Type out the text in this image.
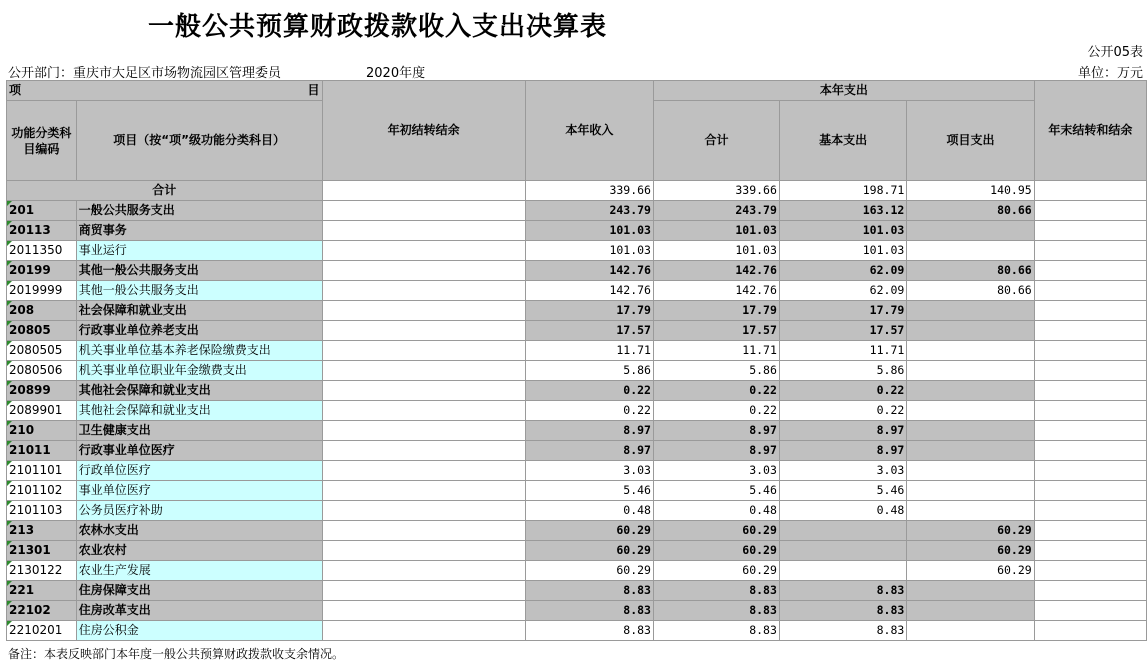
一般公共预算财政拨款收入支出决算表
公开05表
公开部门：重庆市大足区市场物流园区管理委员	2020年度	单位：万元
项 目		年初结转结余	本年收入	本年支出			年末结转和结余
功能分类科目编码	项目（按“项”级功能分类科目）			合计	基本支出	项目支出	

合计			339.66	339.66	198.71	140.95	
201	一般公共服务支出		243.79	243.79	163.12	80.66	
20113	商贸事务		101.03	101.03	101.03		
2011350	事业运行		101.03	101.03	101.03		
20199	其他一般公共服务支出		142.76	142.76	62.09	80.66	
2019999	其他一般公共服务支出		142.76	142.76	62.09	80.66	
208	社会保障和就业支出		17.79	17.79	17.79		
20805	行政事业单位养老支出		17.57	17.57	17.57		
2080505	机关事业单位基本养老保险缴费支出		11.71	11.71	11.71		
2080506	机关事业单位职业年金缴费支出		5.86	5.86	5.86		
20899	其他社会保障和就业支出		0.22	0.22	0.22		
2089901	其他社会保障和就业支出		0.22	0.22	0.22		
210	卫生健康支出		8.97	8.97	8.97		
21011	行政事业单位医疗		8.97	8.97	8.97		
2101101	行政单位医疗		3.03	3.03	3.03		
2101102	事业单位医疗		5.46	5.46	5.46		
2101103	公务员医疗补助		0.48	0.48	0.48		
213	农林水支出		60.29	60.29		60.29	
21301	农业农村		60.29	60.29		60.29	
2130122	农业生产发展		60.29	60.29		60.29	
221	住房保障支出		8.83	8.83	8.83		
22102	住房改革支出		8.83	8.83	8.83		
2210201	住房公积金		8.83	8.83	8.83		
备注：本表反映部门本年度一般公共预算财政拨款收支余情况。
